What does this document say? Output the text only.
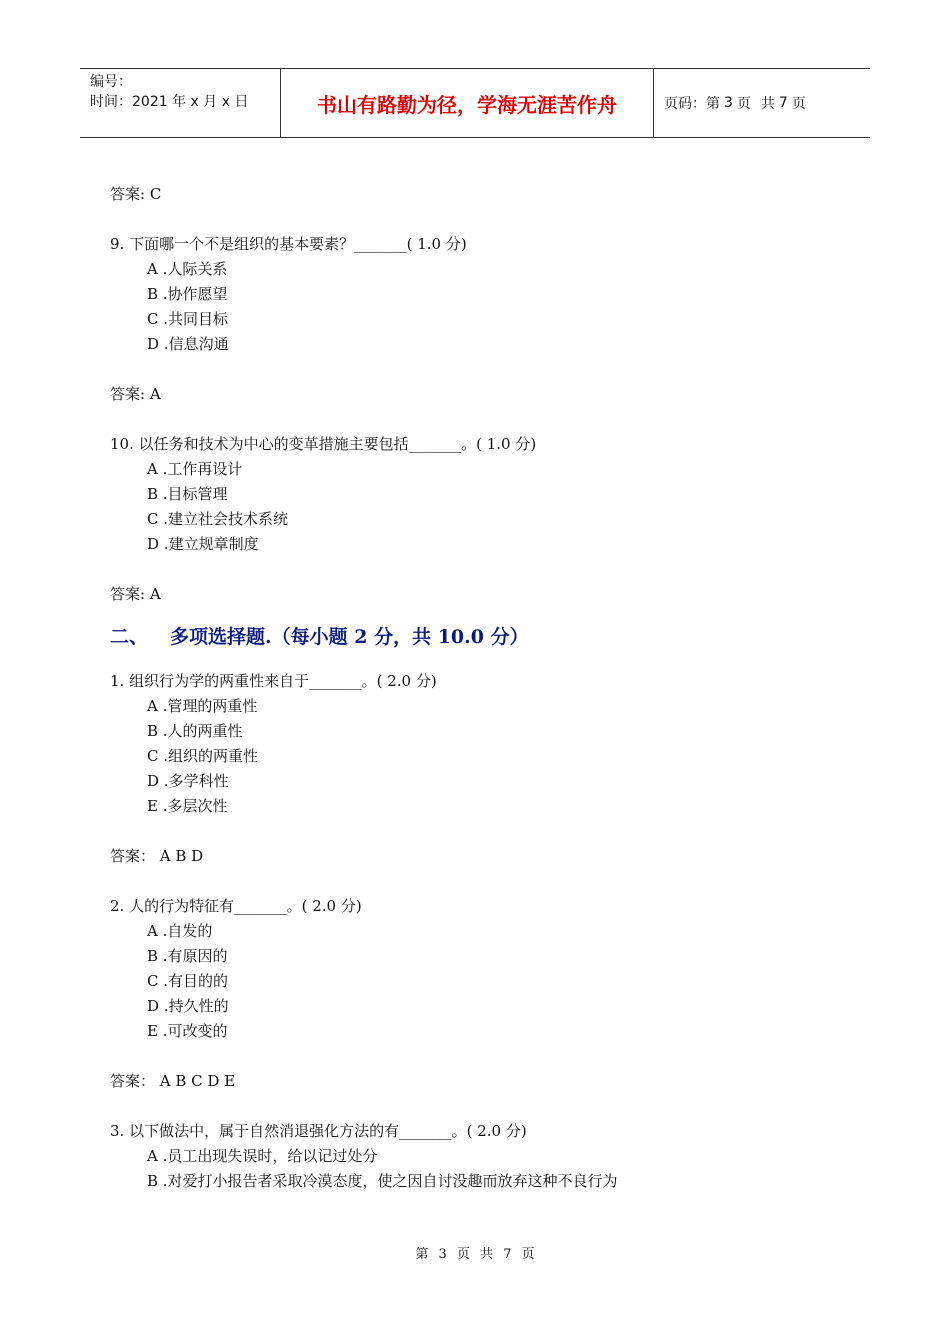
编号：
时间：2021 年 x 月 x 日	书山有路勤为径，学海无涯苦作舟	页码：第 3 页 共 7 页
答案: C
9. 下面哪一个不是组织的基本要素？_______( 1.0 分)
A .人际关系
B .协作愿望
C .共同目标
D .信息沟通
答案: A
10. 以任务和技术为中心的变革措施主要包括_______。( 1.0 分)
A .工作再设计
B .目标管理
C .建立社会技术系统
D .建立规章制度
答案: A
二、 多项选择题.（每小题 2 分，共 10.0 分）
1. 组织行为学的两重性来自于_______。( 2.0 分)
A .管理的两重性
B .人的两重性
C .组织的两重性
D .多学科性
E .多层次性
答案： A B D
2. 人的行为特征有_______。( 2.0 分)
A .自发的
B .有原因的
C .有目的的
D .持久性的
E .可改变的
答案： A B C D E
3. 以下做法中，属于自然消退强化方法的有_______。( 2.0 分)
A .员工出现失误时，给以记过处分
B .对爱打小报告者采取冷漠态度，使之因自讨没趣而放弃这种不良行为
第 3 页 共 7 页
